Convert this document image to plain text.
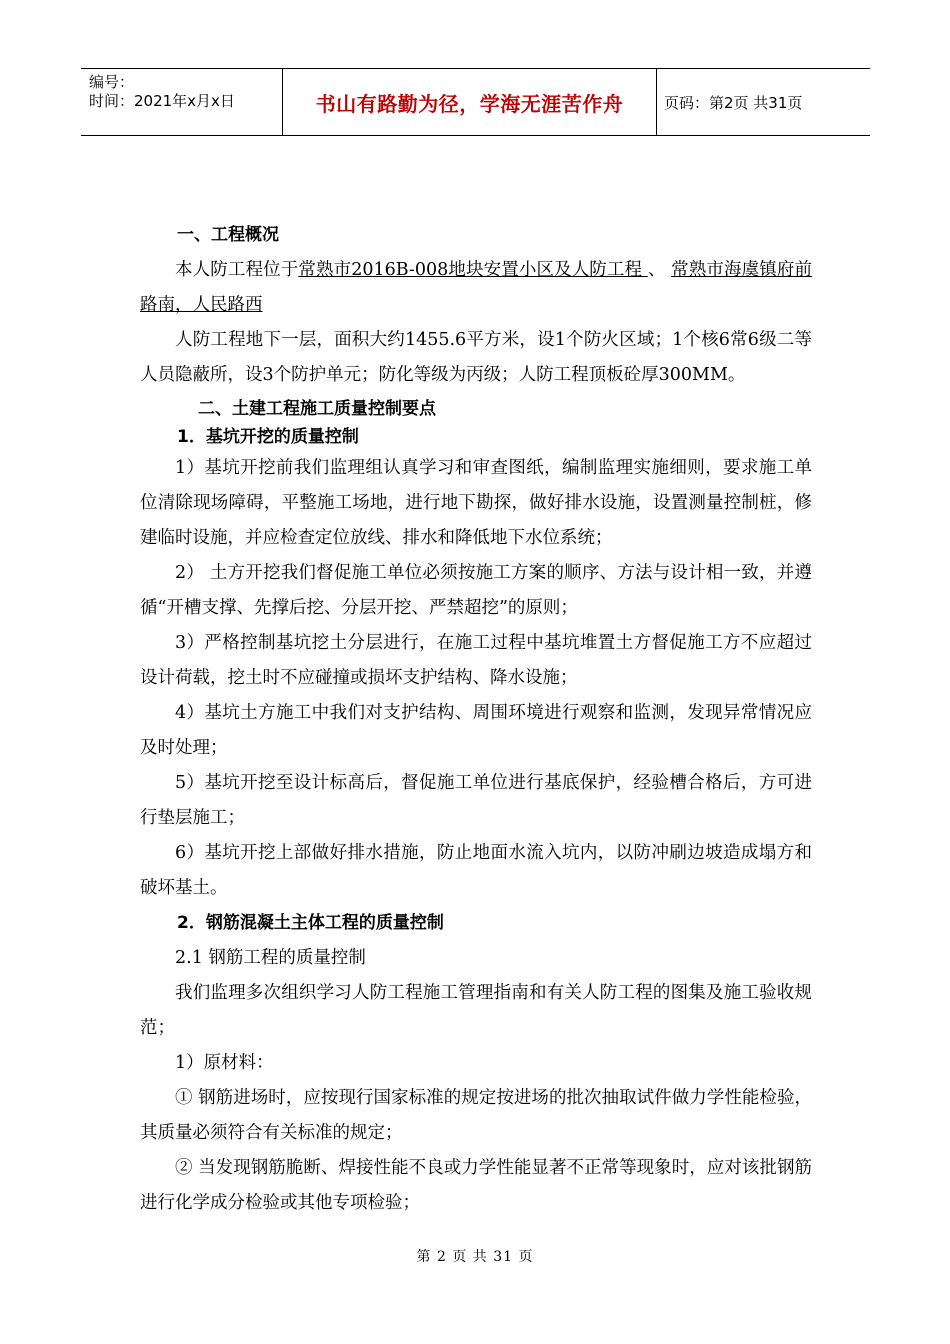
编号：
时间：2021年x月x日	书山有路勤为径，学海无涯苦作舟	页码：第2页 共31页
一、工程概况

本人防工程位于常熟市2016B-008地块安置小区及人防工程 、 常熟市海虞镇府前路南，人民路西

人防工程地下一层，面积大约1455.6平方米，设1个防火区域；1个核6常6级二等人员隐蔽所，设3个防护单元；防化等级为丙级；人防工程顶板砼厚300MM。

二、土建工程施工质量控制要点
1．基坑开挖的质量控制

1）基坑开挖前我们监理组认真学习和审查图纸，编制监理实施细则，要求施工单位清除现场障碍，平整施工场地，进行地下勘探，做好排水设施，设置测量控制桩，修建临时设施，并应检查定位放线、排水和降低地下水位系统；

2） 土方开挖我们督促施工单位必须按施工方案的顺序、方法与设计相一致，并遵循“开槽支撑、先撑后挖、分层开挖、严禁超挖”的原则；

3）严格控制基坑挖土分层进行，在施工过程中基坑堆置土方督促施工方不应超过设计荷载，挖土时不应碰撞或损坏支护结构、降水设施；

4）基坑土方施工中我们对支护结构、周围环境进行观察和监测，发现异常情况应及时处理；

5）基坑开挖至设计标高后，督促施工单位进行基底保护，经验槽合格后，方可进行垫层施工；

6）基坑开挖上部做好排水措施，防止地面水流入坑内，以防冲刷边坡造成塌方和破坏基土。

2．钢筋混凝土主体工程的质量控制

2.1 钢筋工程的质量控制

我们监理多次组织学习人防工程施工管理指南和有关人防工程的图集及施工验收规范；

1）原材料：

① 钢筋进场时，应按现行国家标准的规定按进场的批次抽取试件做力学性能检验，其质量必须符合有关标准的规定；

② 当发现钢筋脆断、焊接性能不良或力学性能显著不正常等现象时，应对该批钢筋进行化学成分检验或其他专项检验；

第 2 页 共 31 页
